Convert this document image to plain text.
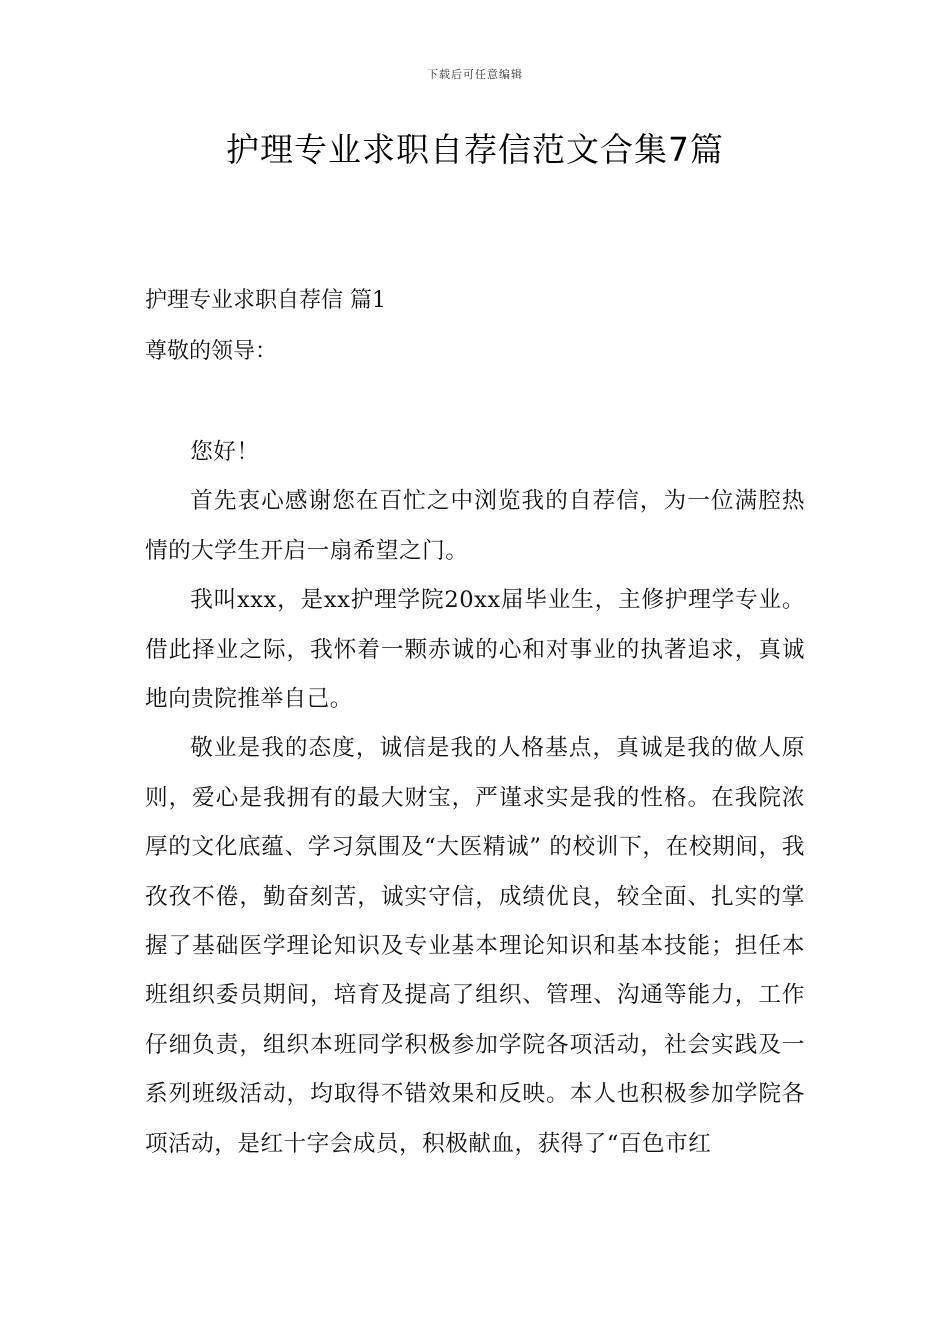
下载后可任意编辑
护理专业求职自荐信范文合集7篇
护理专业求职自荐信 篇1

尊敬的领导：

您好！

首先衷心感谢您在百忙之中浏览我的自荐信，为一位满腔热情的大学生开启一扇希望之门。

我叫xxx，是xx护理学院20xx届毕业生，主修护理学专业。借此择业之际，我怀着一颗赤诚的心和对事业的执著追求，真诚地向贵院推举自己。

敬业是我的态度，诚信是我的人格基点，真诚是我的做人原则，爱心是我拥有的最大财宝，严谨求实是我的性格。在我院浓厚的文化底蕴、学习氛围及“大医精诚” 的校训下，在校期间，我孜孜不倦，勤奋刻苦，诚实守信，成绩优良，较全面、扎实的掌握了基础医学理论知识及专业基本理论知识和基本技能；担任本班组织委员期间，培育及提高了组织、管理、沟通等能力，工作仔细负责，组织本班同学积极参加学院各项活动，社会实践及一系列班级活动，均取得不错效果和反映。本人也积极参加学院各项活动，是红十字会成员，积极献血，获得了“百色市红
